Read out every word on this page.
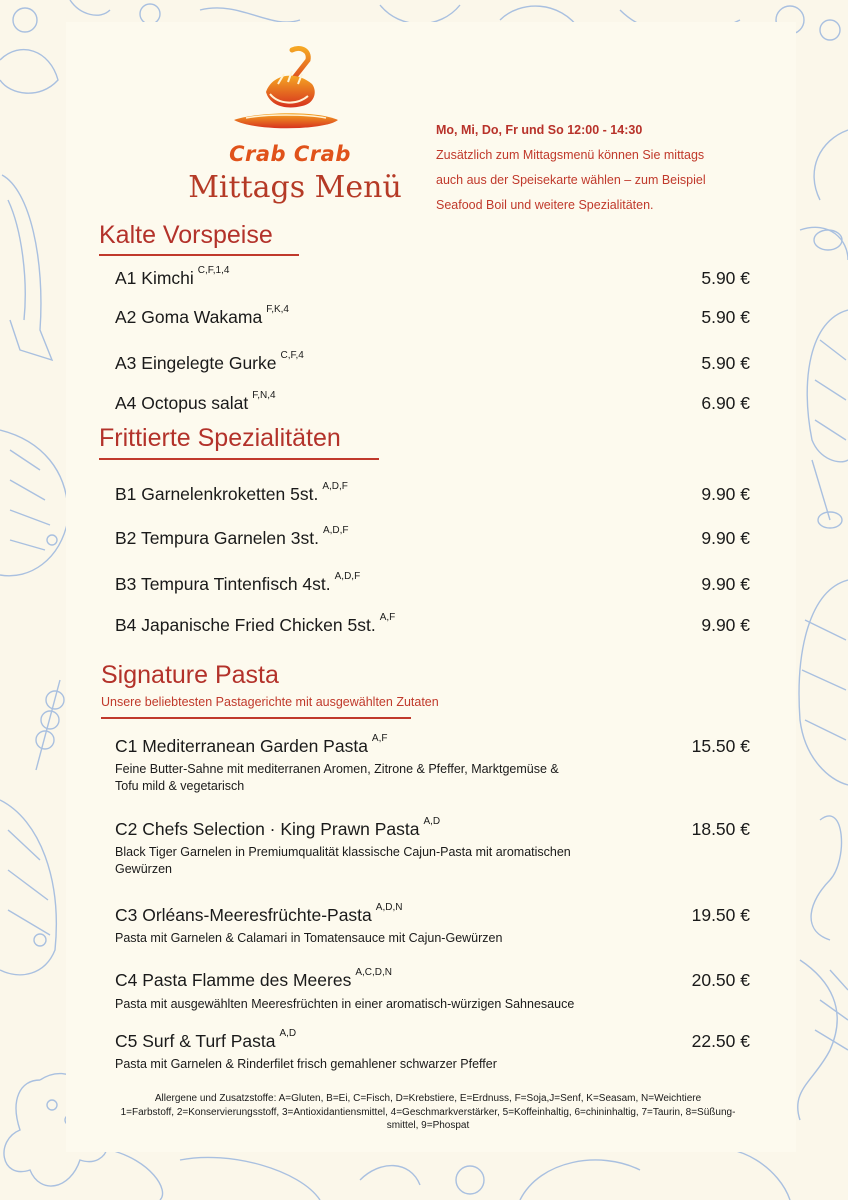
Crab Crab
Mittags Menü
Mo, Mi, Do, Fr und So 12:00 - 14:30
Zusätzlich zum Mittagsmenü können Sie mittags
auch aus der Speisekarte wählen – zum Beispiel
Seafood Boil und weitere Spezialitäten.
Kalte Vorspeise
A1 Kimchi $^{C,F,1,4}$	5.90 €
A2 Goma Wakama $^{F,K,4}$	5.90 €
A3 Eingelegte Gurke $^{C,F,4}$	5.90 €
A4 Octopus salat $^{F,N,4}$	6.90 €
Frittierte Spezialitäten
B1 Garnelenkroketten 5st. $^{A,D,F}$	9.90 €
B2 Tempura Garnelen 3st. $^{A,D,F}$	9.90 €
B3 Tempura Tintenfisch 4st. $^{A,D,F}$	9.90 €
B4 Japanische Fried Chicken 5st. $^{A,F}$	9.90 €
Signature Pasta
Unsere beliebtesten Pastagerichte mit ausgewählten Zutaten
C1 Mediterranean Garden Pasta $^{A,F}$	15.50 €
Feine Butter-Sahne mit mediterranen Aromen, Zitrone & Pfeffer, Marktgemüse &
Tofu mild & vegetarisch
C2 Chefs Selection · King Prawn Pasta $^{A,D}$	18.50 €
Black Tiger Garnelen in Premiumqualität klassische Cajun-Pasta mit aromatischen
Gewürzen
C3 Orléans-Meeresfrüchte-Pasta $^{A,D,N}$	19.50 €
Pasta mit Garnelen & Calamari in Tomatensauce mit Cajun-Gewürzen
C4 Pasta Flamme des Meeres $^{A,C,D,N}$	20.50 €
Pasta mit ausgewählten Meeresfrüchten in einer aromatisch-würzigen Sahnesauce
C5 Surf & Turf Pasta $^{A,D}$	22.50 €
Pasta mit Garnelen & Rinderfilet frisch gemahlener schwarzer Pfeffer
Allergene und Zusatzstoffe: A=Gluten, B=Ei, C=Fisch, D=Krebstiere, E=Erdnuss, F=Soja,J=Senf, K=Seasam, N=Weichtiere
1=Farbstoff, 2=Konservierungsstoff, 3=Antioxidantiensmittel, 4=Geschmarkverstärker, 5=Koffeinhaltig, 6=chininhaltig, 7=Taurin, 8=Süßung-
smittel, 9=Phospat
